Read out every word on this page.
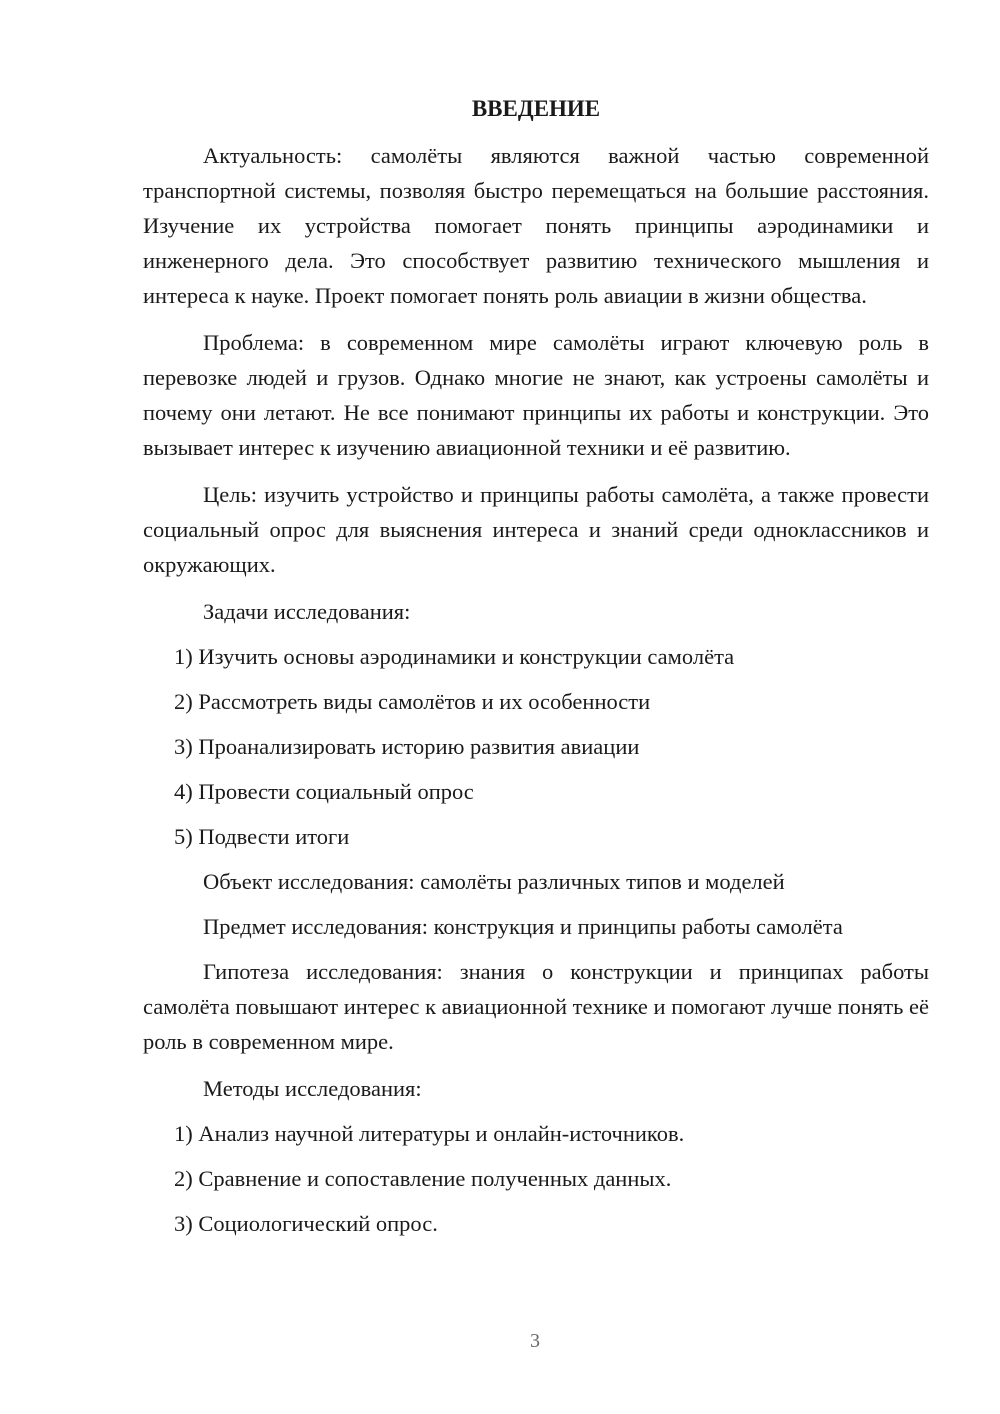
ВВЕДЕНИЕ

Актуальность: самолёты являются важной частью современной транспортной системы, позволяя быстро перемещаться на большие расстояния. Изучение их устройства помогает понять принципы аэродинамики и инженерного дела. Это способствует развитию технического мышления и интереса к науке. Проект помогает понять роль авиации в жизни общества.

Проблема: в современном мире самолёты играют ключевую роль в перевозке людей и грузов. Однако многие не знают, как устроены самолёты и почему они летают. Не все понимают принципы их работы и конструкции. Это вызывает интерес к изучению авиационной техники и её развитию.

Цель: изучить устройство и принципы работы самолёта, а также провести социальный опрос для выяснения интереса и знаний среди одноклассников и окружающих.

Задачи исследования:
1) Изучить основы аэродинамики и конструкции самолёта
2) Рассмотреть виды самолётов и их особенности
3) Проанализировать историю развития авиации
4) Провести социальный опрос
5) Подвести итоги
Объект исследования: самолёты различных типов и моделей
Предмет исследования: конструкция и принципы работы самолёта

Гипотеза исследования: знания о конструкции и принципах работы самолёта повышают интерес к авиационной технике и помогают лучше понять её роль в современном мире.

Методы исследования:
1) Анализ научной литературы и онлайн-источников.
2) Сравнение и сопоставление полученных данных.
3) Социологический опрос.
3
